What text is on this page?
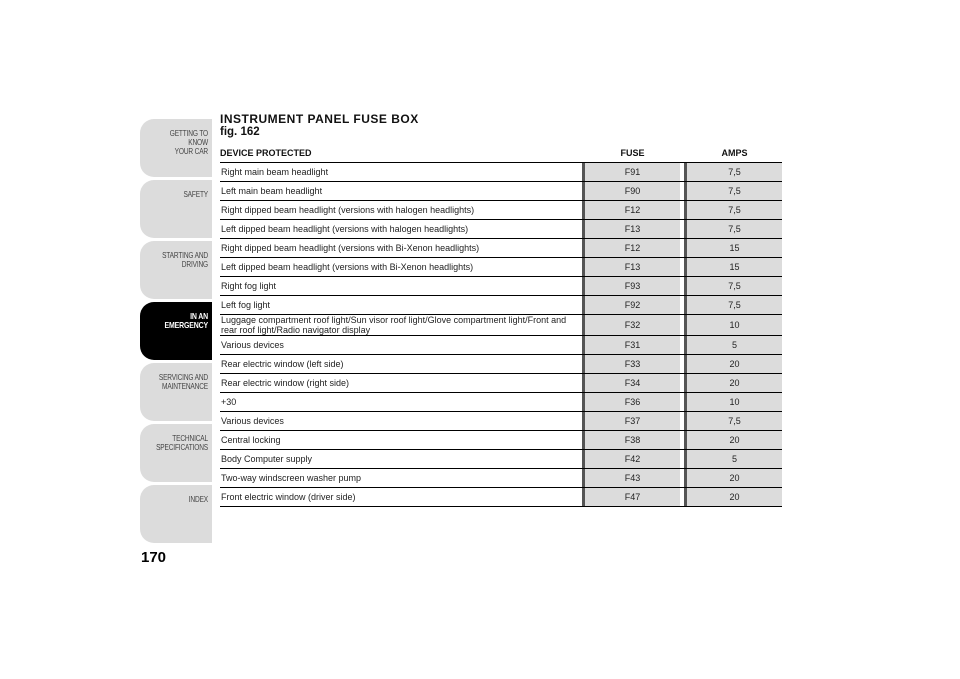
GETTING TO KNOW
YOUR CAR
SAFETY
STARTING AND
DRIVING
IN AN
EMERGENCY
SERVICING AND
MAINTENANCE
TECHNICAL
SPECIFICATIONS
INDEX
170
INSTRUMENT PANEL FUSE BOX
fig. 162
DEVICE PROTECTED			FUSE			AMPS
Right main beam headlight			F91			7,5
Left main beam headlight			F90			7,5
Right dipped beam headlight (versions with halogen headlights)			F12			7,5
Left dipped beam headlight (versions with halogen headlights)			F13			7,5
Right dipped beam headlight (versions with Bi-Xenon headlights)			F12			15
Left dipped beam headlight (versions with Bi-Xenon headlights)			F13			15
Right fog light			F93			7,5
Left fog light			F92			7,5
Luggage compartment roof light/Sun visor roof light/Glove compartment light/Front and rear roof light/Radio navigator display			F32			10
Various devices			F31			5
Rear electric window (left side)			F33			20
Rear electric window (right side)			F34			20
+30			F36			10
Various devices			F37			7,5
Central locking			F38			20
Body Computer supply			F42			5
Two-way windscreen washer pump			F43			20
Front electric window (driver side)			F47			20
